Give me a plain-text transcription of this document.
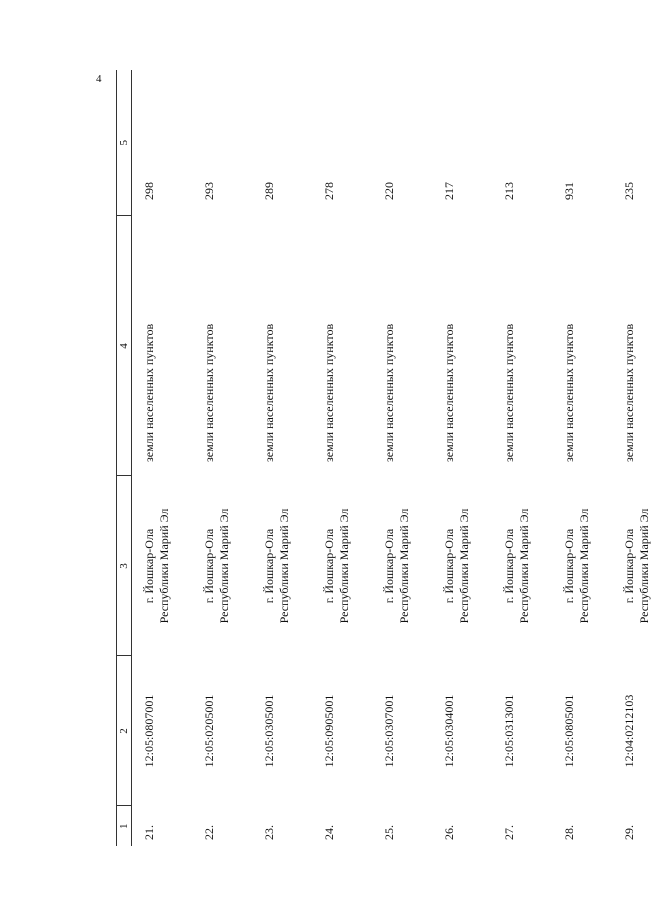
4
1	2	3	4	5
21.	12:05:0807001	г. Йошкар-Ола Республики Марий Эл	земли населенных пунктов	298
22.	12:05:0205001	г. Йошкар-Ола Республики Марий Эл	земли населенных пунктов	293
23.	12:05:0305001	г. Йошкар-Ола Республики Марий Эл	земли населенных пунктов	289
24.	12:05:0905001	г. Йошкар-Ола Республики Марий Эл	земли населенных пунктов	278
25.	12:05:0307001	г. Йошкар-Ола Республики Марий Эл	земли населенных пунктов	220
26.	12:05:0304001	г. Йошкар-Ола Республики Марий Эл	земли населенных пунктов	217
27.	12:05:0313001	г. Йошкар-Ола Республики Марий Эл	земли населенных пунктов	213
28.	12:05:0805001	г. Йошкар-Ола Республики Марий Эл	земли населенных пунктов	931
29.	12:04:0212103	г. Йошкар-Ола Республики Марий Эл	земли населенных пунктов	235
